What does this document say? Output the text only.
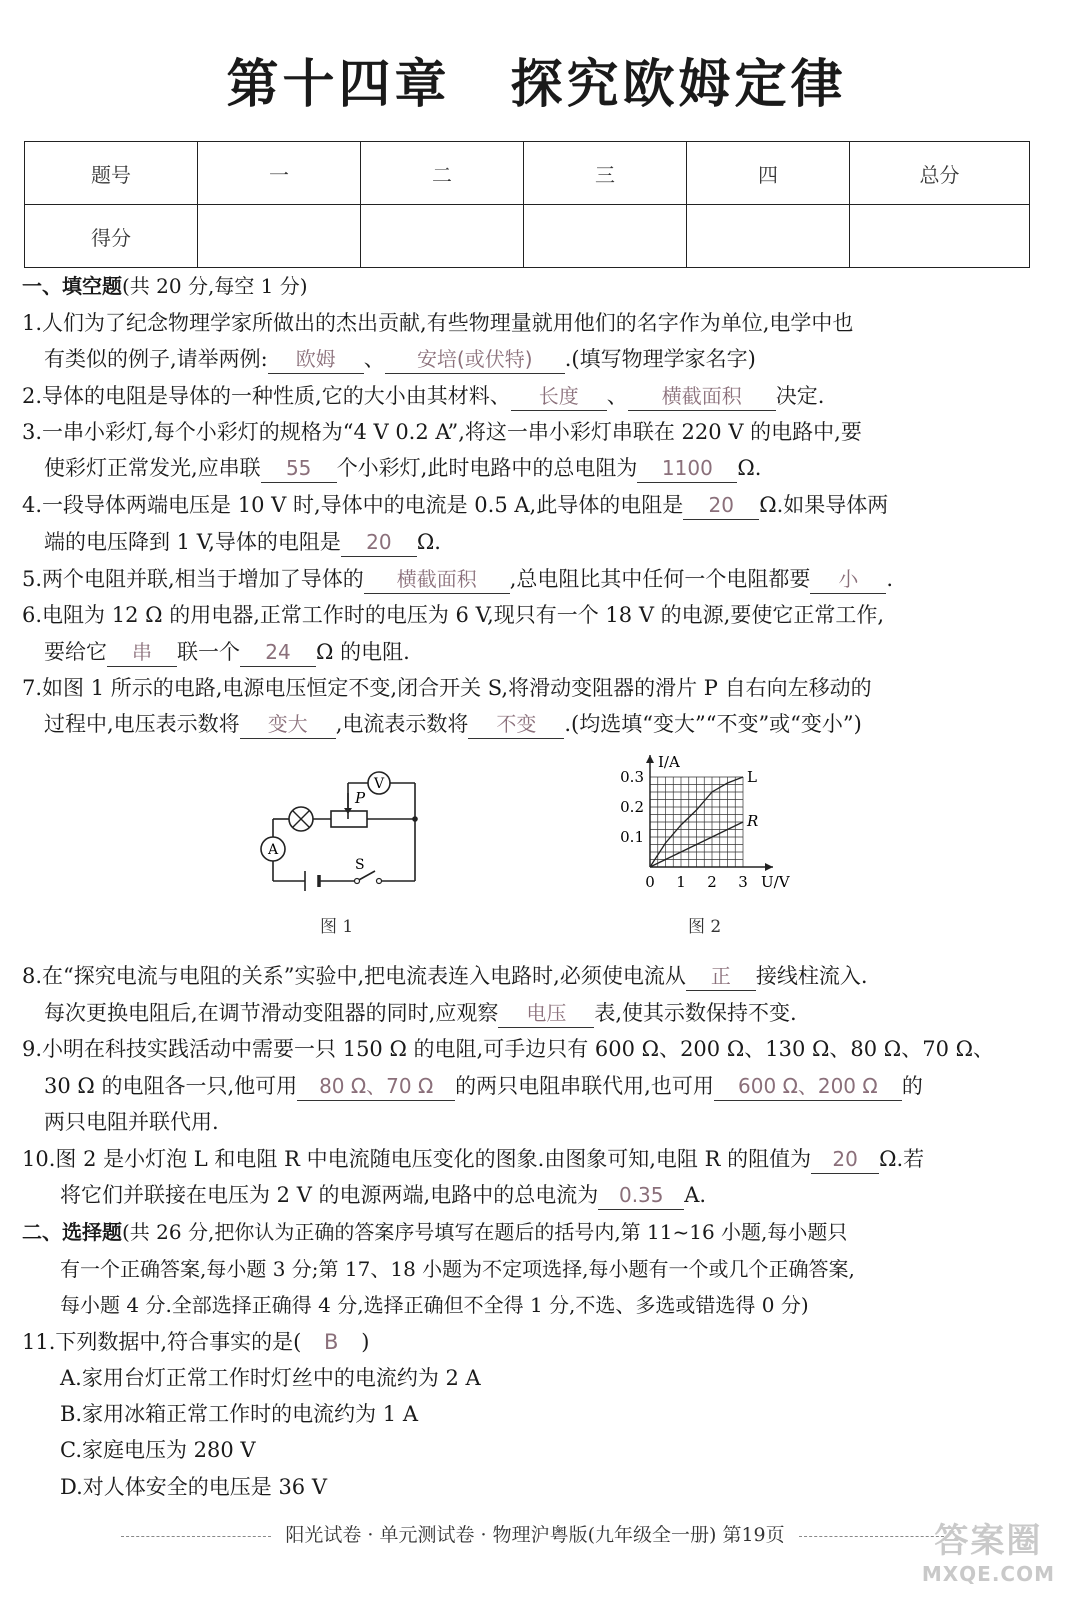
第十四章 探究欧姆定律
题号	一	二	三	四	总分
得分					
一、填空题(共 20 分,每空 1 分)
1.人们为了纪念物理学家所做出的杰出贡献,有些物理量就用他们的名字作为单位,电学中也
有类似的例子,请举两例: 欧姆 、 安培(或伏特) .(填写物理学家名字)
2.导体的电阻是导体的一种性质,它的大小由其材料、 长度 、 横截面积 决定.
3.一串小彩灯,每个小彩灯的规格为“4 V 0.2 A”,将这一串小彩灯串联在 220 V 的电路中,要
使彩灯正常发光,应串联 55 个小彩灯,此时电路中的总电阻为 1100 Ω.
4.一段导体两端电压是 10 V 时,导体中的电流是 0.5 A,此导体的电阻是 20 Ω.如果导体两
端的电压降到 1 V,导体的电阻是 20 Ω.
5.两个电阻并联,相当于增加了导体的 横截面积 ,总电阻比其中任何一个电阻都要 小 .
6.电阻为 12 Ω 的用电器,正常工作时的电压为 6 V,现只有一个 18 V 的电源,要使它正常工作,
要给它 串 联一个 24 Ω 的电阻.
7.如图 1 所示的电路,电源电压恒定不变,闭合开关 S,将滑动变阻器的滑片 P 自右向左移动的
过程中,电压表示数将 变大 ,电流表示数将 不变 .(均选填“变大”“不变”或“变小”)
V
A
P
S
图 1
0 1 2 3
0.3
0.2
0.1
I/A
U/V
L
R
图 2
8.在“探究电流与电阻的关系”实验中,把电流表连入电路时,必须使电流从 正 接线柱流入.
每次更换电阻后,在调节滑动变阻器的同时,应观察 电压 表,使其示数保持不变.
9.小明在科技实践活动中需要一只 150 Ω 的电阻,可手边只有 600 Ω、200 Ω、130 Ω、80 Ω、70 Ω、
30 Ω 的电阻各一只,他可用 80 Ω、70 Ω 的两只电阻串联代用,也可用 600 Ω、200 Ω 的
两只电阻并联代用.
10.图 2 是小灯泡 L 和电阻 R 中电流随电压变化的图象.由图象可知,电阻 R 的阻值为 20 Ω.若
将它们并联接在电压为 2 V 的电源两端,电路中的总电流为 0.35 A.
二、选择题(共 26 分,把你认为正确的答案序号填写在题后的括号内,第 11~16 小题,每小题只
有一个正确答案,每小题 3 分;第 17、18 小题为不定项选择,每小题有一个或几个正确答案,
每小题 4 分.全部选择正确得 4 分,选择正确但不全得 1 分,不选、多选或错选得 0 分)
11.下列数据中,符合事实的是( B )
A.家用台灯正常工作时灯丝中的电流约为 2 A
B.家用冰箱正常工作时的电流约为 1 A
C.家庭电压为 280 V
D.对人体安全的电压是 36 V
阳光试卷 · 单元测试卷 · 物理沪粤版(九年级全一册) 第19页	答案圈
MXQE.COM
